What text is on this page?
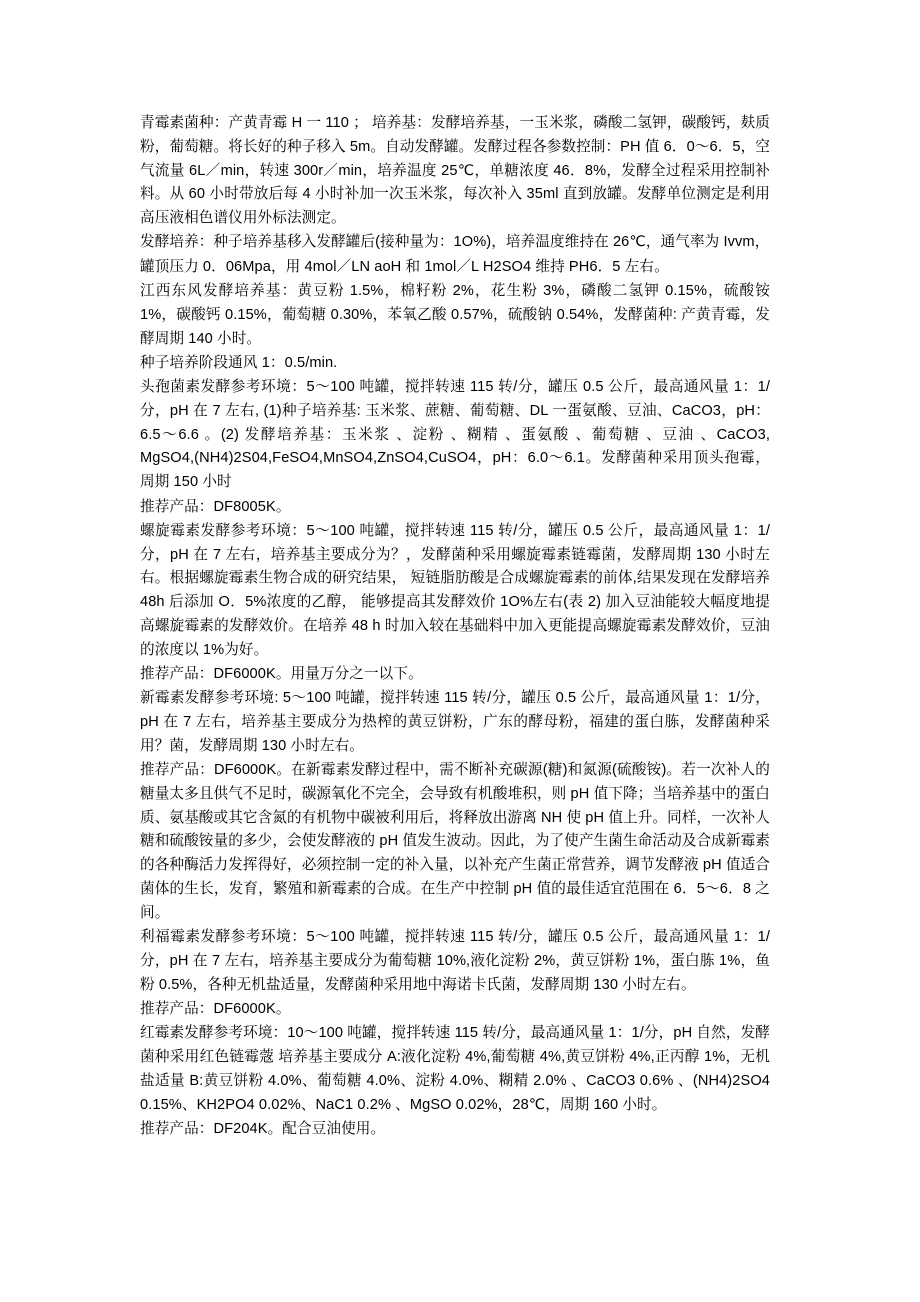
青霉素菌种：产黄青霉 H 一 110 ； 培养基：发酵培养基，一玉米浆，磷酸二氢钾，碳酸钙，麸质粉，葡萄糖。将长好的种子移入 5m。自动发酵罐。发酵过程各参数控制：PH 值 6．0～6．5，空气流量 6L／min，转速 300r／min，培养温度 25℃，单糖浓度 46．8%，发酵全过程采用控制补料。从 60 小时带放后每 4 小时补加一次玉米浆，每次补入 35ml 直到放罐。发酵单位测定是利用高压液相色谱仪用外标法测定。

发酵培养：种子培养基移入发酵罐后(接种量为：1O%)，培养温度维持在 26℃，通气率为 Ivvm，

罐顶压力 0．06Mpa，用 4mol／LN aoH 和 1mol／L H2SO4 维持 PH6．5 左右。

江西东风发酵培养基：黄豆粉 1.5%，棉籽粉 2%，花生粉 3%，磷酸二氢钾 0.15%，硫酸铵 1%，碳酸钙 0.15%，葡萄糖 0.30%，苯氧乙酸 0.57%，硫酸钠 0.54%，发酵菌种: 产黄青霉，发酵周期 140 小时。

种子培养阶段通风 1：0.5/min.

头孢菌素发酵参考环境：5～100 吨罐，搅拌转速 115 转/分，罐压 0.5 公斤，最高通风量 1：1/分，pH 在 7 左右, (1)种子培养基: 玉米浆、蔗糖、葡萄糖、DL 一蛋氨酸、豆油、CaCO3，pH：6.5～6.6 。(2) 发酵培养基：玉米浆 、淀粉 、糊精 、蛋氨酸 、葡萄糖 、豆油 、CaCO3, MgSO4,(NH4)2S04,FeSO4,MnSO4,ZnSO4,CuSO4，pH：6.0～6.1。发酵菌种采用顶头孢霉，周期 150 小时

推荐产品：DF8005K。

螺旋霉素发酵参考环境：5～100 吨罐，搅拌转速 115 转/分，罐压 0.5 公斤，最高通风量 1：1/分，pH 在 7 左右，培养基主要成分为？，发酵菌种采用螺旋霉素链霉菌，发酵周期 130 小时左右。根据螺旋霉素生物合成的研究结果， 短链脂肪酸是合成螺旋霉素的前体,结果发现在发酵培养 48h 后添加 O．5%浓度的乙醇， 能够提高其发酵效价 1O%左右(表 2) 加入豆油能较大幅度地提高螺旋霉素的发酵效价。在培养 48 h 时加入较在基础料中加入更能提高螺旋霉素发酵效价，豆油的浓度以 1%为好。

推荐产品：DF6000K。用量万分之一以下。

新霉素发酵参考环境: 5～100 吨罐，搅拌转速 115 转/分，罐压 0.5 公斤，最高通风量 1：1/分，pH 在 7 左右，培养基主要成分为热榨的黄豆饼粉，广东的酵母粉，福建的蛋白胨，发酵菌种采用？菌，发酵周期 130 小时左右。

推荐产品：DF6000K。在新霉素发酵过程中，需不断补充碳源(糖)和氮源(硫酸铵)。若一次补人的糖量太多且供气不足时，碳源氧化不完全，会导致有机酸堆积，则 pH 值下降；当培养基中的蛋白质、氨基酸或其它含氮的有机物中碳被利用后，将释放出游离 NH 使 pH 值上升。同样，一次补人糖和硫酸铵量的多少，会使发酵液的 pH 值发生波动。因此，为了使产生菌生命活动及合成新霉素的各种酶活力发挥得好，必须控制一定的补入量，以补充产生菌正常营养，调节发酵液 pH 值适合菌体的生长，发育，繁殖和新霉素的合成。在生产中控制 pH 值的最佳适宜范围在 6．5～6．8 之间。

利福霉素发酵参考环境：5～100 吨罐，搅拌转速 115 转/分，罐压 0.5 公斤，最高通风量 1：1/分，pH 在 7 左右，培养基主要成分为葡萄糖 10%,液化淀粉 2%，黄豆饼粉 1%，蛋白胨 1%，鱼粉 0.5%，各种无机盐适量，发酵菌种采用地中海诺卡氏菌，发酵周期 130 小时左右。

推荐产品：DF6000K。

红霉素发酵参考环境：10～100 吨罐，搅拌转速 115 转/分，最高通风量 1：1/分，pH 自然，发酵菌种采用红色链霉蔲 培养基主要成分 A:液化淀粉 4%,葡萄糖 4%,黄豆饼粉 4%,正丙醇 1%，无机盐适量 B:黄豆饼粉 4.0%、葡萄糖 4.0%、淀粉 4.0%、糊精 2.0% 、CaCO3 0.6% 、(NH4)2SO4 0.15%、KH2PO4 0.02%、NaC1 0.2% 、MgSO 0.02%，28℃，周期 160 小时。

推荐产品：DF204K。配合豆油使用。
